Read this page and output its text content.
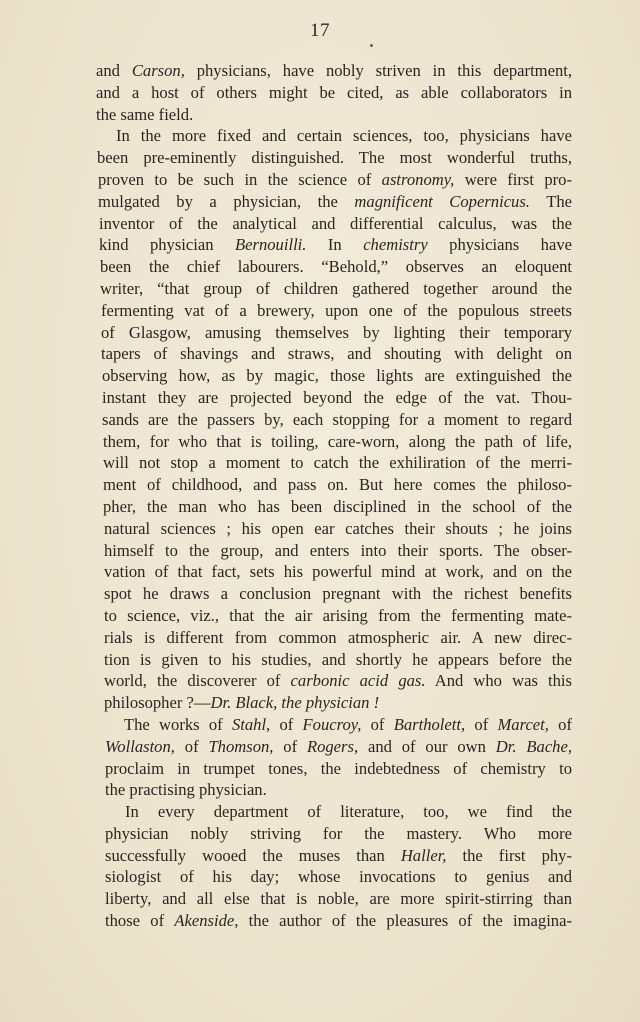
17
and Carson, physicians, have nobly striven in this department,
and a host of others might be cited, as able collaborators in
the same field.
In the more fixed and certain sciences, too, physicians have
been pre-eminently distinguished. The most wonderful truths,
proven to be such in the science of astronomy, were first pro-
mulgated by a physician, the magnificent Copernicus. The
inventor of the analytical and differential calculus, was the
kind physician Bernouilli. In chemistry physicians have
been the chief labourers. “Behold,” observes an eloquent
writer, “that group of children gathered together around the
fermenting vat of a brewery, upon one of the populous streets
of Glasgow, amusing themselves by lighting their temporary
tapers of shavings and straws, and shouting with delight on
observing how, as by magic, those lights are extinguished the
instant they are projected beyond the edge of the vat. Thou-
sands are the passers by, each stopping for a moment to regard
them, for who that is toiling, care-worn, along the path of life,
will not stop a moment to catch the exhiliration of the merri-
ment of childhood, and pass on. But here comes the philoso-
pher, the man who has been disciplined in the school of the
natural sciences ; his open ear catches their shouts ; he joins
himself to the group, and enters into their sports. The obser-
vation of that fact, sets his powerful mind at work, and on the
spot he draws a conclusion pregnant with the richest benefits
to science, viz., that the air arising from the fermenting mate-
rials is different from common atmospheric air. A new direc-
tion is given to his studies, and shortly he appears before the
world, the discoverer of carbonic acid gas. And who was this
philosopher ?—Dr. Black, the physician !
The works of Stahl, of Foucroy, of Bartholett, of Marcet, of
Wollaston, of Thomson, of Rogers, and of our own Dr. Bache,
proclaim in trumpet tones, the indebtedness of chemistry to
the practising physician.
In every department of literature, too, we find the
physician nobly striving for the mastery. Who more
successfully wooed the muses than Haller, the first phy-
siologist of his day; whose invocations to genius and
liberty, and all else that is noble, are more spirit-stirring than
those of Akenside, the author of the pleasures of the imagina-
